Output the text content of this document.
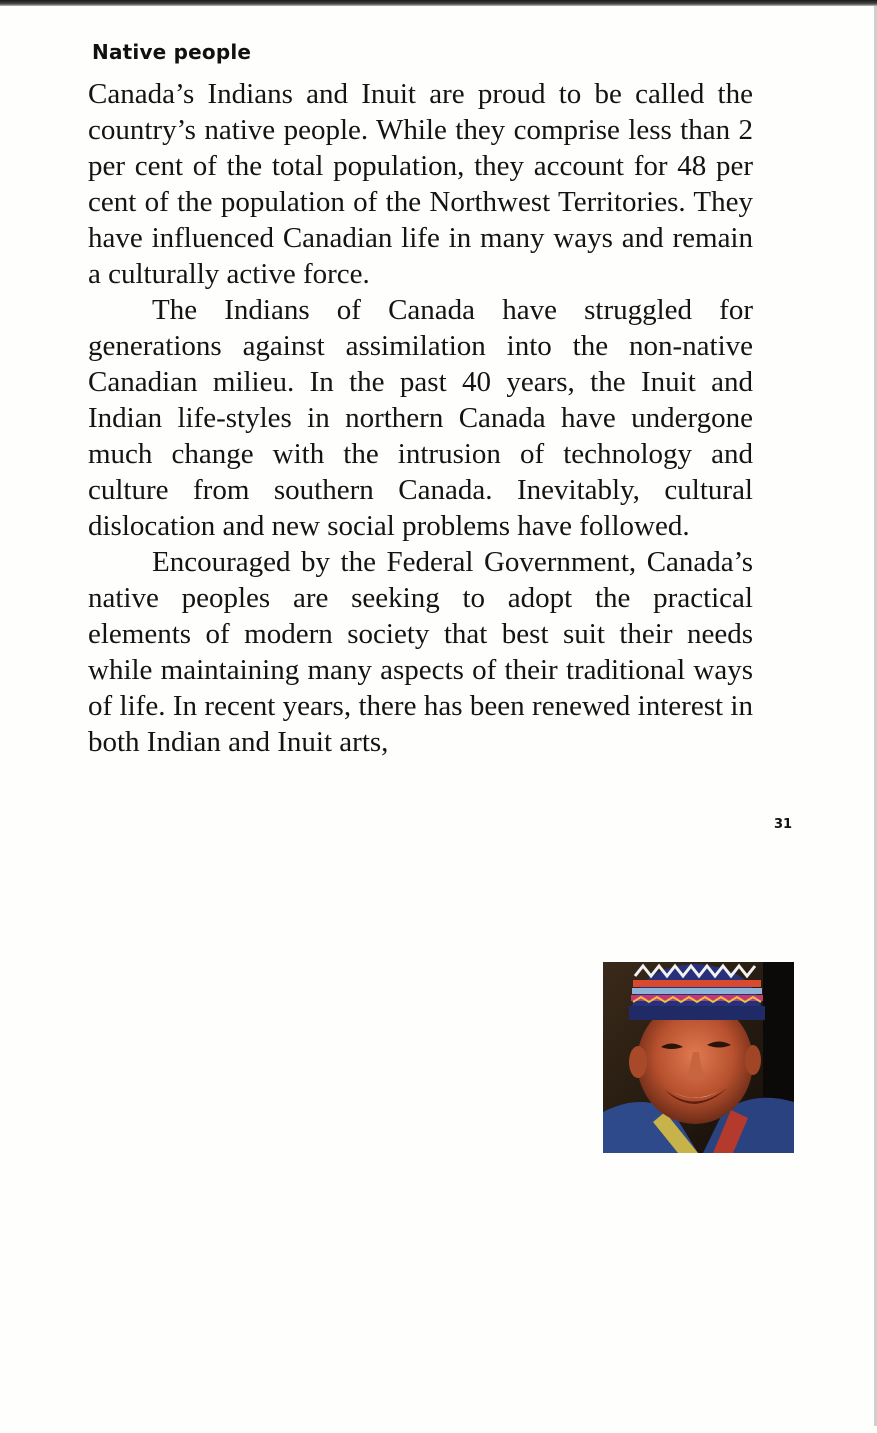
Native people

Canada’s Indians and Inuit are proud to be called the country’s native people. While they comprise less than 2 per cent of the total population, they account for 48 per cent of the population of the Northwest Territories. They have influenced Canadian life in many ways and remain a culturally active force.

The Indians of Canada have struggled for generations against assimilation into the non-native Canadian milieu. In the past 40 years, the Inuit and Indian life-styles in northern Canada have undergone much change with the intrusion of technology and culture from southern Canada. Inevitably, cultural dislocation and new social problems have followed.

Encouraged by the Federal Government, Canada’s native peoples are seeking to adopt the practical elements of modern society that best suit their needs while maintaining many aspects of their traditional ways of life. In recent years, there has been renewed interest in both Indian and Inuit arts,

31
